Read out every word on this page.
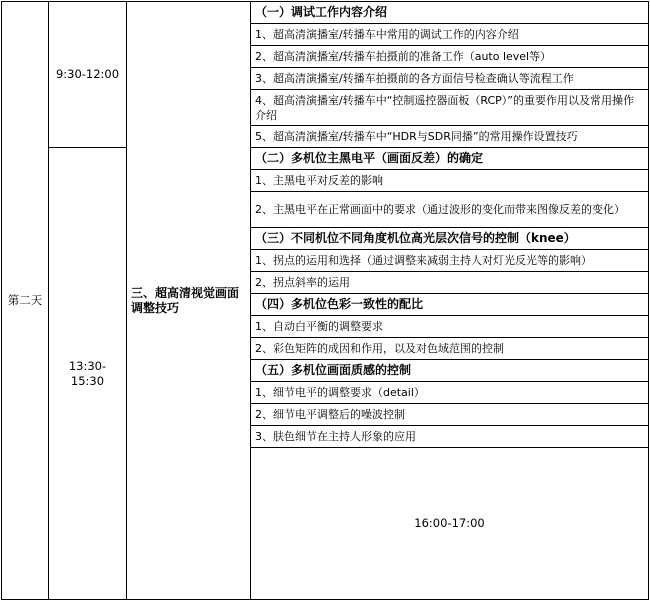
第二天	9:30-12:00	三、超高清视觉画面调整技巧	（一）调试工作内容介绍	
			1、超高清演播室/转播车中常用的调试工作的内容介绍	
			2、超高清演播室/转播车拍摄前的准备工作（auto level等）	
			3、超高清演播室/转播车拍摄前的各方面信号检查确认等流程工作	
			4、超高清演播室/转播车中“控制遥控器面板（RCP）”的重要作用以及常用操作介绍	
			5、超高清演播室/转播车中“HDR与SDR同播”的常用操作设置技巧	
	13:30-15:30		（二）多机位主黑电平（画面反差）的确定	
			1、主黑电平对反差的影响	
			2、主黑电平在正常画面中的要求（通过波形的变化而带来图像反差的变化）	
			（三）不同机位不同角度机位高光层次信号的控制（knee）	
			1、拐点的运用和选择（通过调整来减弱主持人对灯光反光等的影响）	
			2、拐点斜率的运用	
			（四）多机位色彩一致性的配比	
			1、自动白平衡的调整要求	
			2、彩色矩阵的成因和作用，以及对色域范围的控制	
			（五）多机位画面质感的控制	
			1、细节电平的调整要求（detail）	
			2、细节电平调整后的噪波控制	
			3、肤色细节在主持人形象的应用	
			16:00-17:00		
